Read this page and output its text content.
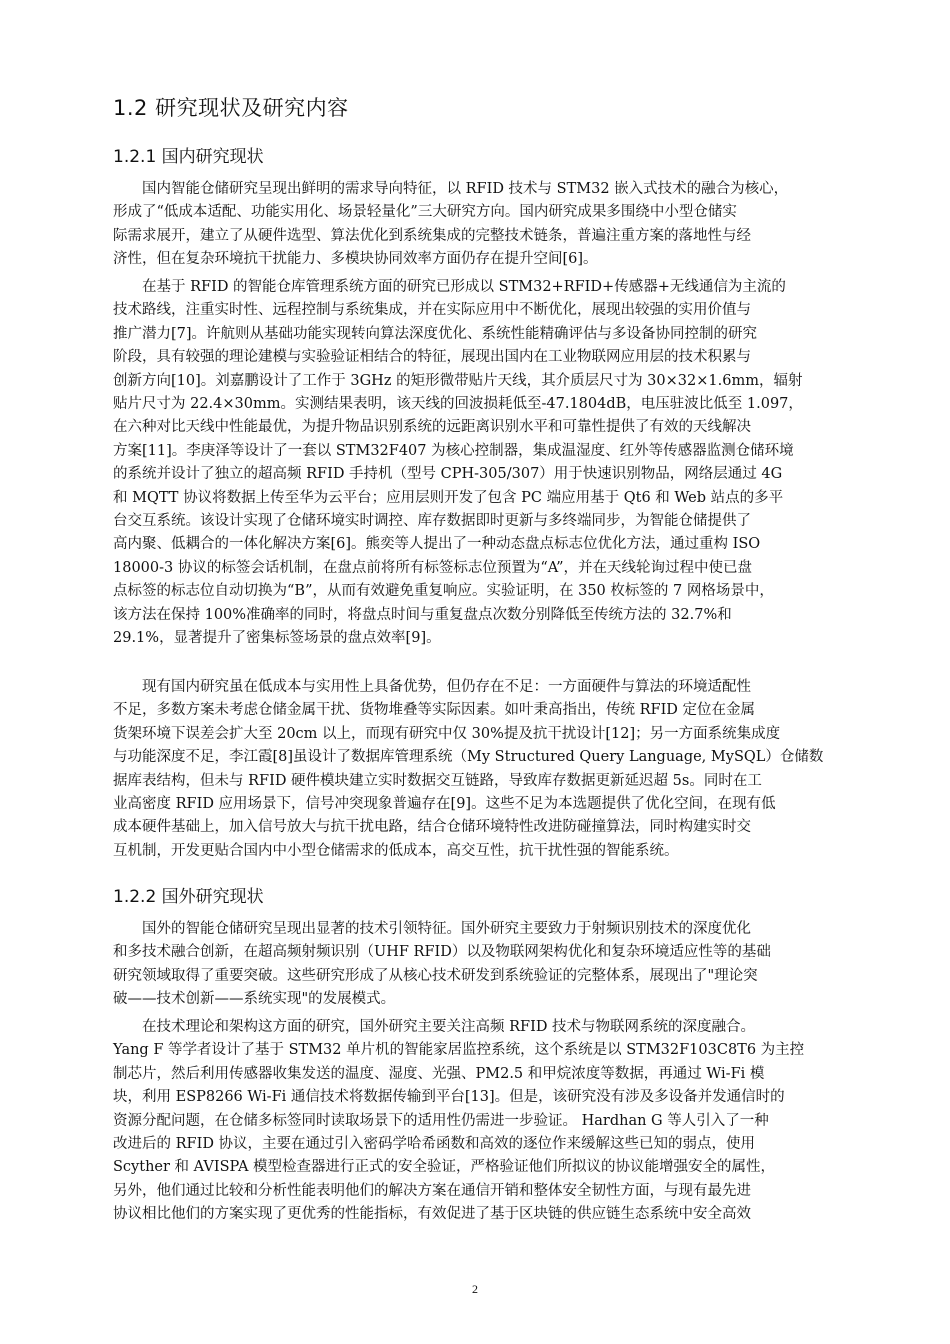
1.2 研究现状及研究内容
1.2.1 国内研究现状
　　国内智能仓储研究呈现出鲜明的需求导向特征，以 RFID 技术与 STM32 嵌入式技术的融合为核心，
形成了“低成本适配、功能实用化、场景轻量化”三大研究方向。国内研究成果多围绕中小型仓储实
际需求展开，建立了从硬件选型、算法优化到系统集成的完整技术链条，普遍注重方案的落地性与经
济性，但在复杂环境抗干扰能力、多模块协同效率方面仍存在提升空间[6]。
　　在基于 RFID 的智能仓库管理系统方面的研究已形成以 STM32+RFID+传感器+无线通信为主流的
技术路线，注重实时性、远程控制与系统集成，并在实际应用中不断优化，展现出较强的实用价值与
推广潜力[7]。许航则从基础功能实现转向算法深度优化、系统性能精确评估与多设备协同控制的研究
阶段，具有较强的理论建模与实验验证相结合的特征，展现出国内在工业物联网应用层的技术积累与
创新方向[10]。刘嘉鹏设计了工作于 3GHz 的矩形微带贴片天线，其介质层尺寸为 30×32×1.6mm，辐射
贴片尺寸为 22.4×30mm。实测结果表明，该天线的回波损耗低至-47.1804dB，电压驻波比低至 1.097，
在六种对比天线中性能最优，为提升物品识别系统的远距离识别水平和可靠性提供了有效的天线解决
方案[11]。李庚泽等设计了一套以 STM32F407 为核心控制器，集成温湿度、红外等传感器监测仓储环境
的系统并设计了独立的超高频 RFID 手持机（型号 CPH-305/307）用于快速识别物品，网络层通过 4G
和 MQTT 协议将数据上传至华为云平台；应用层则开发了包含 PC 端应用基于 Qt6 和 Web 站点的多平
台交互系统。该设计实现了仓储环境实时调控、库存数据即时更新与多终端同步，为智能仓储提供了
高内聚、低耦合的一体化解决方案[6]。熊奕等人提出了一种动态盘点标志位优化方法，通过重构 ISO
18000-3 协议的标签会话机制，在盘点前将所有标签标志位预置为“A”，并在天线轮询过程中使已盘
点标签的标志位自动切换为“B”，从而有效避免重复响应。实验证明，在 350 枚标签的 7 网格场景中，
该方法在保持 100%准确率的同时，将盘点时间与重复盘点次数分别降低至传统方法的 32.7%和
29.1%，显著提升了密集标签场景的盘点效率[9]。
　　现有国内研究虽在低成本与实用性上具备优势，但仍存在不足：一方面硬件与算法的环境适配性
不足，多数方案未考虑仓储金属干扰、货物堆叠等实际因素。如叶秉高指出，传统 RFID 定位在金属
货架环境下误差会扩大至 20cm 以上，而现有研究中仅 30%提及抗干扰设计[12]；另一方面系统集成度
与功能深度不足，李江霞[8]虽设计了数据库管理系统（My Structured Query Language, MySQL）仓储数
据库表结构，但未与 RFID 硬件模块建立实时数据交互链路，导致库存数据更新延迟超 5s。同时在工
业高密度 RFID 应用场景下，信号冲突现象普遍存在[9]。这些不足为本选题提供了优化空间，在现有低
成本硬件基础上，加入信号放大与抗干扰电路，结合仓储环境特性改进防碰撞算法，同时构建实时交
互机制，开发更贴合国内中小型仓储需求的低成本，高交互性，抗干扰性强的智能系统。
1.2.2 国外研究现状
　　国外的智能仓储研究呈现出显著的技术引领特征。国外研究主要致力于射频识别技术的深度优化
和多技术融合创新，在超高频射频识别（UHF RFID）以及物联网架构优化和复杂环境适应性等的基础
研究领域取得了重要突破。这些研究形成了从核心技术研发到系统验证的完整体系，展现出了"理论突
破——技术创新——系统实现"的发展模式。
　　在技术理论和架构这方面的研究，国外研究主要关注高频 RFID 技术与物联网系统的深度融合。
Yang F 等学者设计了基于 STM32 单片机的智能家居监控系统，这个系统是以 STM32F103C8T6 为主控
制芯片，然后利用传感器收集发送的温度、湿度、光强、PM2.5 和甲烷浓度等数据，再通过 Wi-Fi 模
块，利用 ESP8266 Wi-Fi 通信技术将数据传输到平台[13]。但是，该研究没有涉及多设备并发通信时的
资源分配问题，在仓储多标签同时读取场景下的适用性仍需进一步验证。 Hardhan G 等人引入了一种
改进后的 RFID 协议，主要在通过引入密码学哈希函数和高效的逐位作来缓解这些已知的弱点，使用
Scyther 和 AVISPA 模型检查器进行正式的安全验证，严格验证他们所拟议的协议能增强安全的属性，
另外，他们通过比较和分析性能表明他们的解决方案在通信开销和整体安全韧性方面，与现有最先进
协议相比他们的方案实现了更优秀的性能指标，有效促进了基于区块链的供应链生态系统中安全高效
2
